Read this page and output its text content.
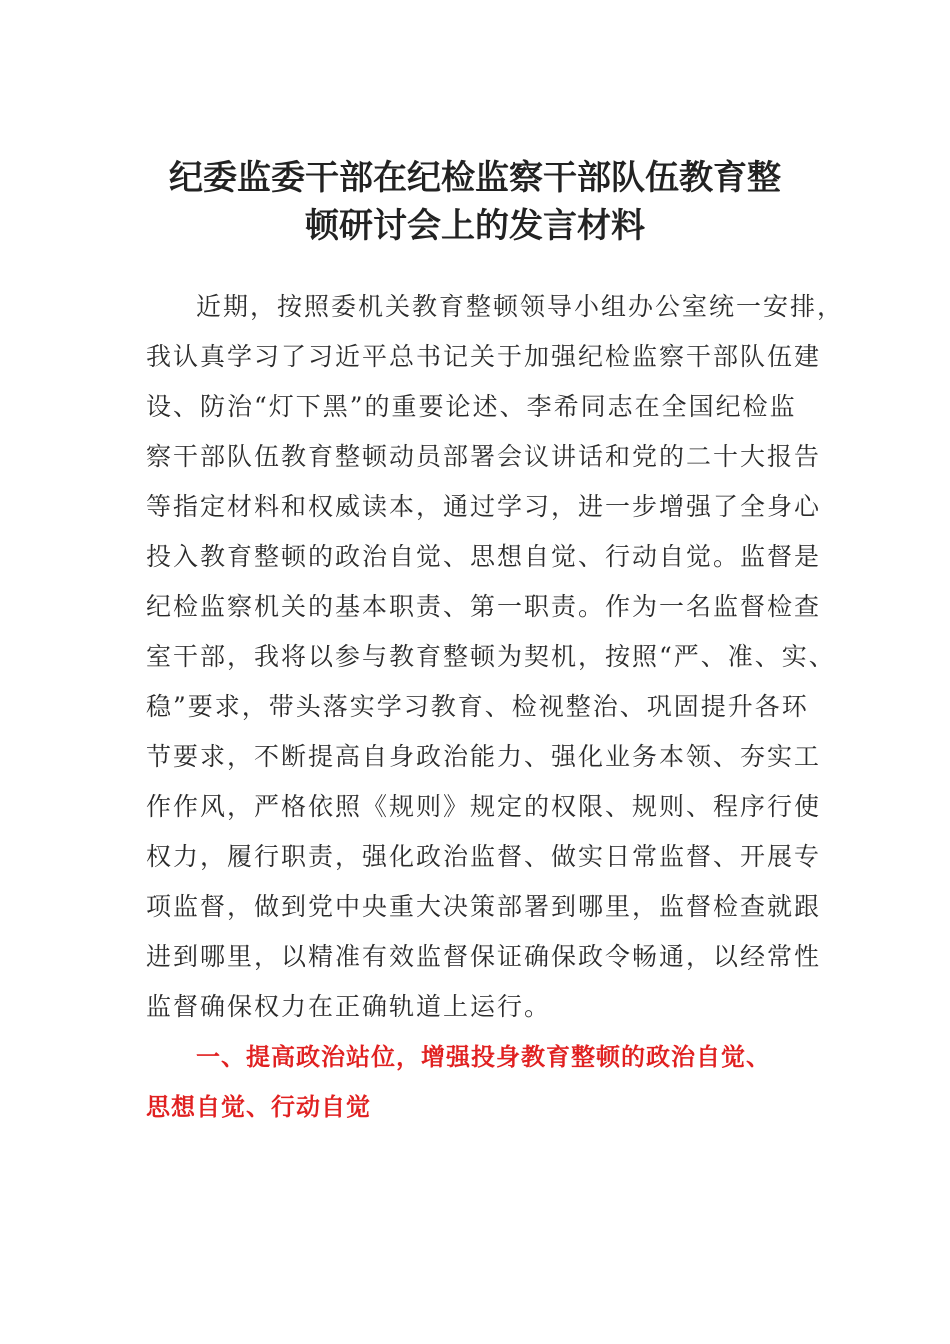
纪委监委干部在纪检监察干部队伍教育整
顿研讨会上的发言材料
近期，按照委机关教育整顿领导小组办公室统一安排，
我认真学习了习近平总书记关于加强纪检监察干部队伍建
设、防治“灯下黑”的重要论述、李希同志在全国纪检监
察干部队伍教育整顿动员部署会议讲话和党的二十大报告
等指定材料和权威读本，通过学习，进一步增强了全身心
投入教育整顿的政治自觉、思想自觉、行动自觉。监督是
纪检监察机关的基本职责、第一职责。作为一名监督检查
室干部，我将以参与教育整顿为契机，按照“严、准、实、
稳”要求，带头落实学习教育、检视整治、巩固提升各环
节要求，不断提高自身政治能力、强化业务本领、夯实工
作作风，严格依照《规则》规定的权限、规则、程序行使
权力，履行职责，强化政治监督、做实日常监督、开展专
项监督，做到党中央重大决策部署到哪里，监督检查就跟
进到哪里，以精准有效监督保证确保政令畅通，以经常性
监督确保权力在正确轨道上运行。
一、提高政治站位，增强投身教育整顿的政治自觉、
思想自觉、行动自觉
